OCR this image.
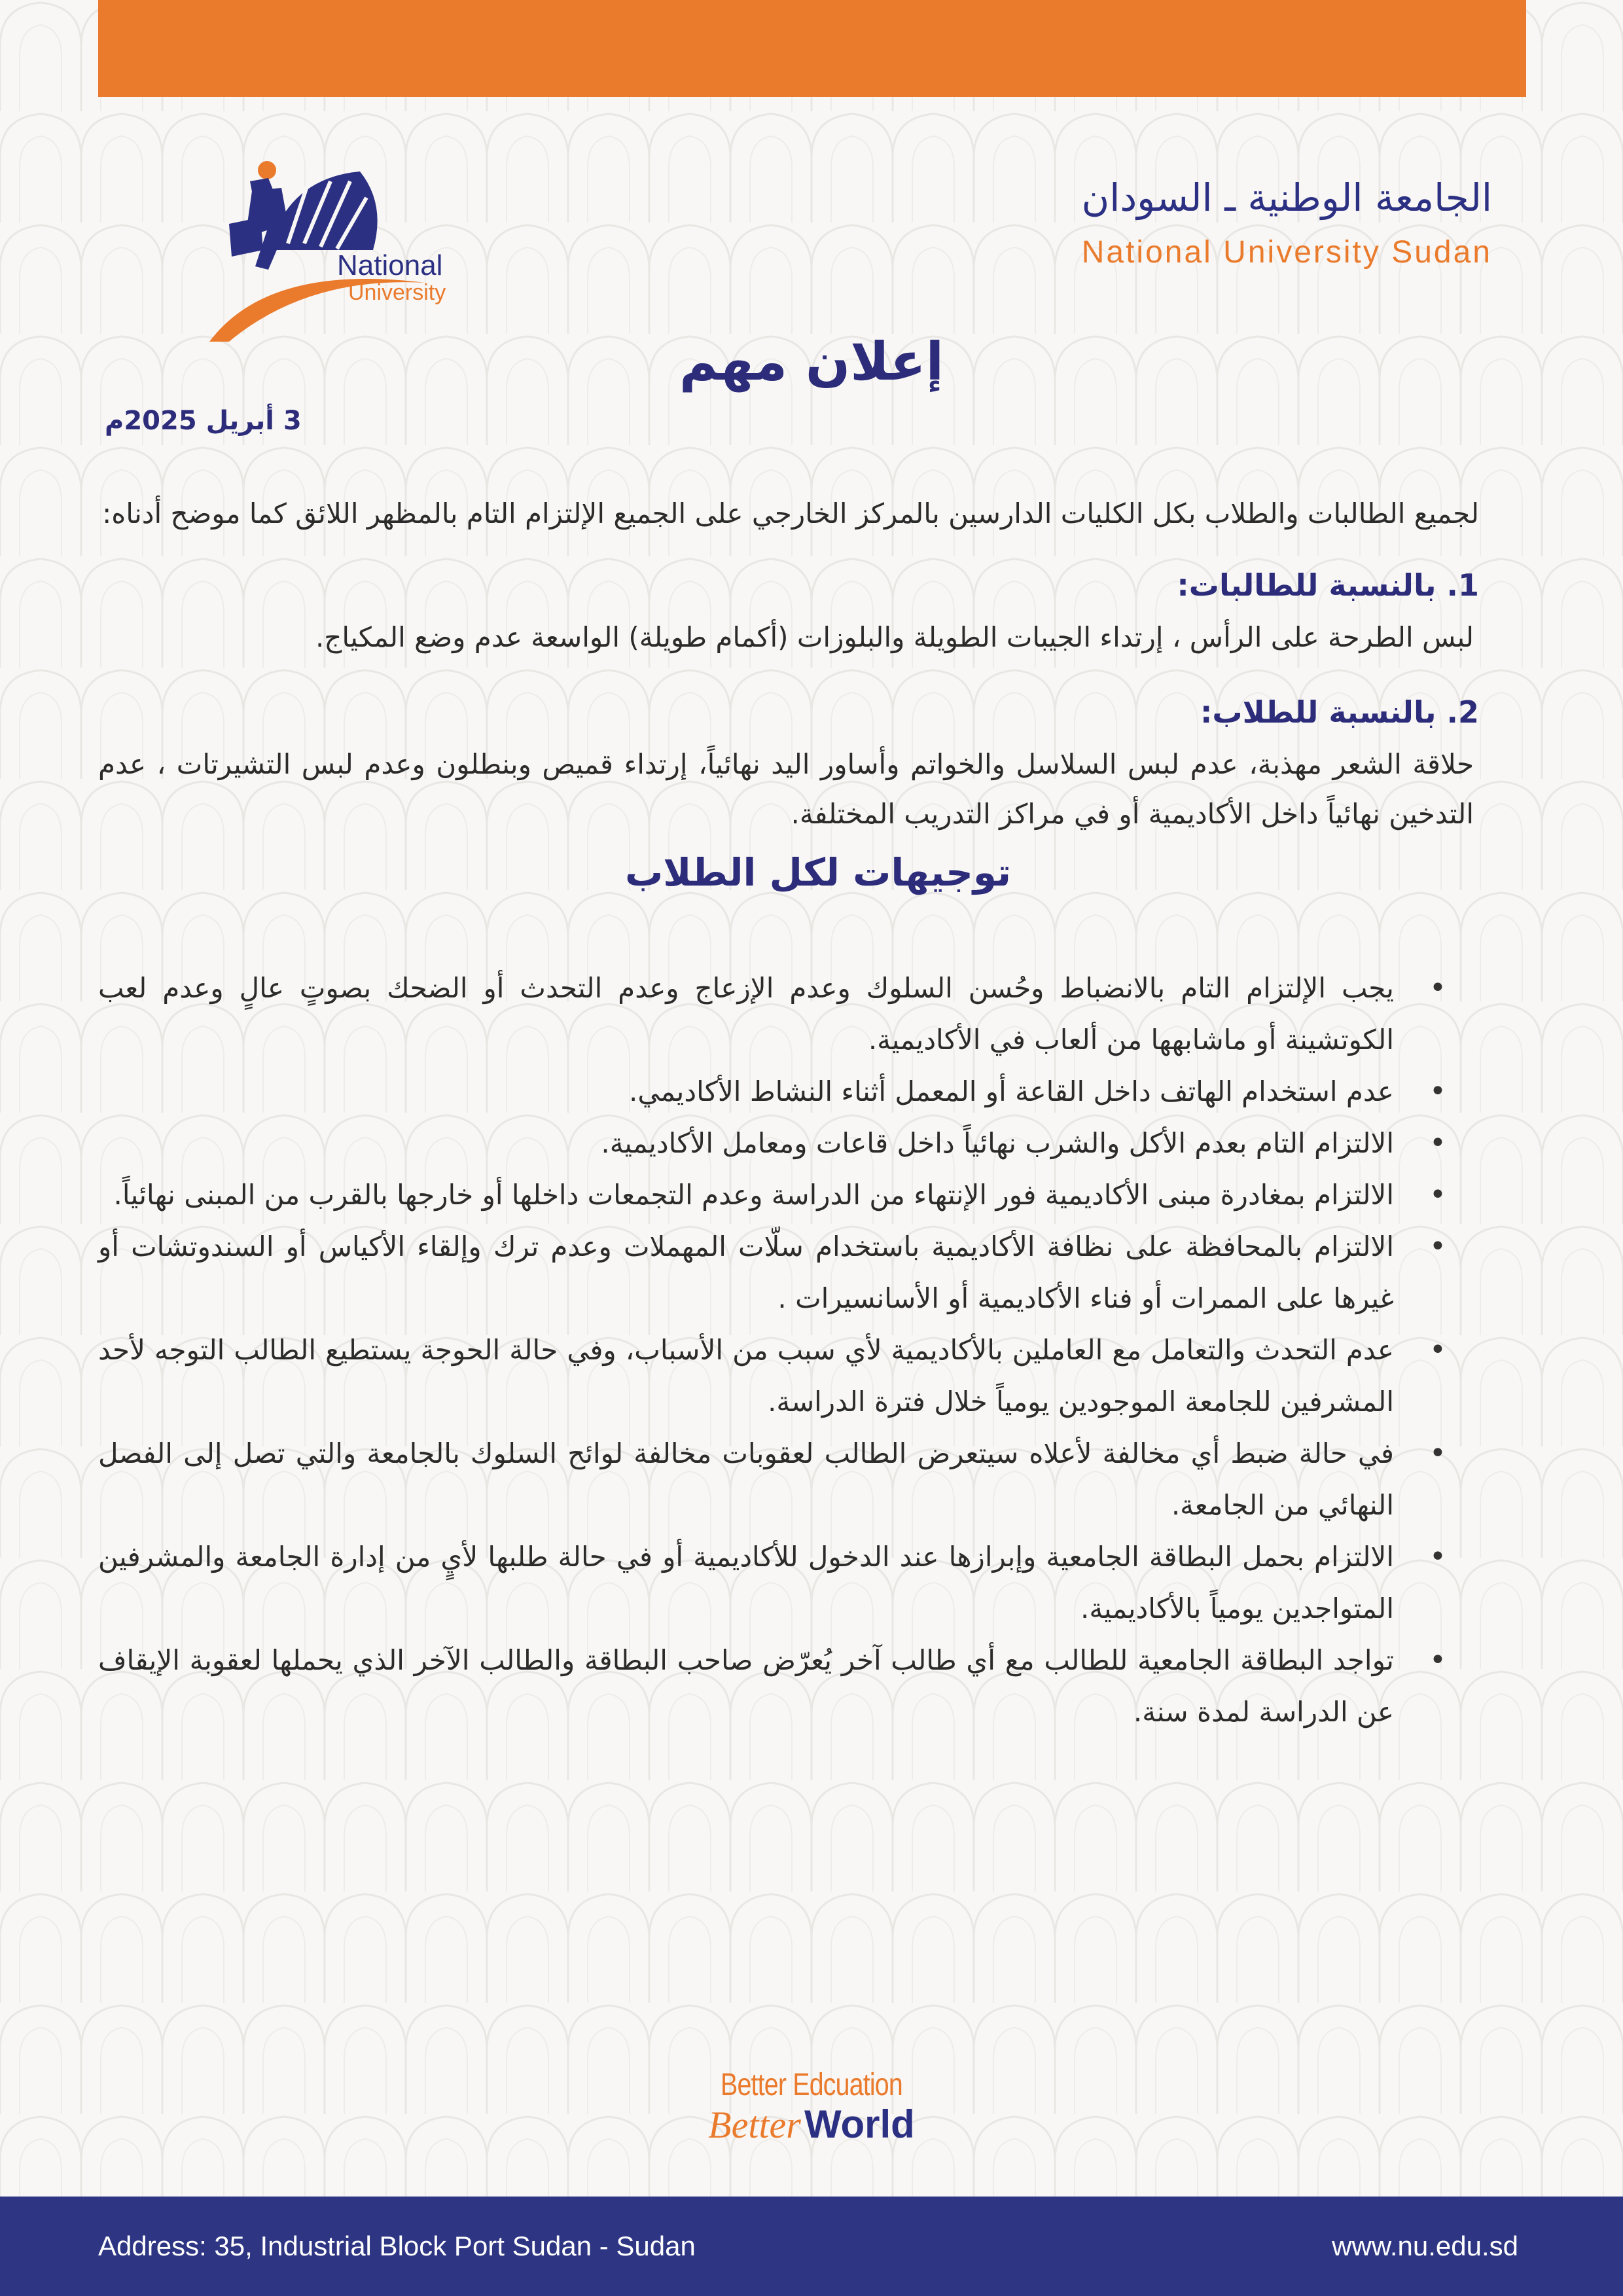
National
University
الجامعة الوطنية ـ السودان
National University Sudan
إعلان مهم
3 أبريل 2025م

لجميع الطالبات والطلاب بكل الكليات الدارسين بالمركز الخارجي على الجميع الإلتزام التام بالمظهر اللائق كما موضح أدناه:

1. بالنسبة للطالبات:

لبس الطرحة على الرأس ، إرتداء الجيبات الطويلة والبلوزات (أكمام طويلة) الواسعة عدم وضع المكياج.

2. بالنسبة للطلاب:

حلاقة الشعر مهذبة، عدم لبس السلاسل والخواتم وأساور اليد نهائياً، إرتداء قميص وبنطلون وعدم لبس التشيرتات ، عدم التدخين نهائياً داخل الأكاديمية أو في مراكز التدريب المختلفة.

توجيهات لكل الطلاب
•
يجب الإلتزام التام بالانضباط وحُسن السلوك وعدم الإزعاج وعدم التحدث أو الضحك بصوتٍ عالٍ وعدم لعب الكوتشينة أو ماشابهها من ألعاب في الأكاديمية.
•
عدم استخدام الهاتف داخل القاعة أو المعمل أثناء النشاط الأكاديمي.
•
الالتزام التام بعدم الأكل والشرب نهائياً داخل قاعات ومعامل الأكاديمية.
•
الالتزام بمغادرة مبنى الأكاديمية فور الإنتهاء من الدراسة وعدم التجمعات داخلها أو خارجها بالقرب من المبنى نهائياً.
•
الالتزام بالمحافظة على نظافة الأكاديمية باستخدام سلّات المهملات وعدم ترك وإلقاء الأكياس أو السندوتشات أو غيرها على الممرات أو فناء الأكاديمية أو الأسانسيرات .
•
عدم التحدث والتعامل مع العاملين بالأكاديمية لأي سبب من الأسباب، وفي حالة الحوجة يستطيع الطالب التوجه لأحد المشرفين للجامعة الموجودين يومياً خلال فترة الدراسة.
•
في حالة ضبط أي مخالفة لأعلاه سيتعرض الطالب لعقوبات مخالفة لوائح السلوك بالجامعة والتي تصل إلى الفصل النهائي من الجامعة.
•
الالتزام بحمل البطاقة الجامعية وإبرازها عند الدخول للأكاديمية أو في حالة طلبها لأيٍ من إدارة الجامعة والمشرفين المتواجدين يومياً بالأكاديمية.
•
تواجد البطاقة الجامعية للطالب مع أي طالب آخر يُعرّض صاحب البطاقة والطالب الآخر الذي يحملها لعقوبة الإيقاف عن الدراسة لمدة سنة.
Better Edcuation
Better World
Address: 35, Industrial Block Port Sudan - Sudan	www.nu.edu.sd
